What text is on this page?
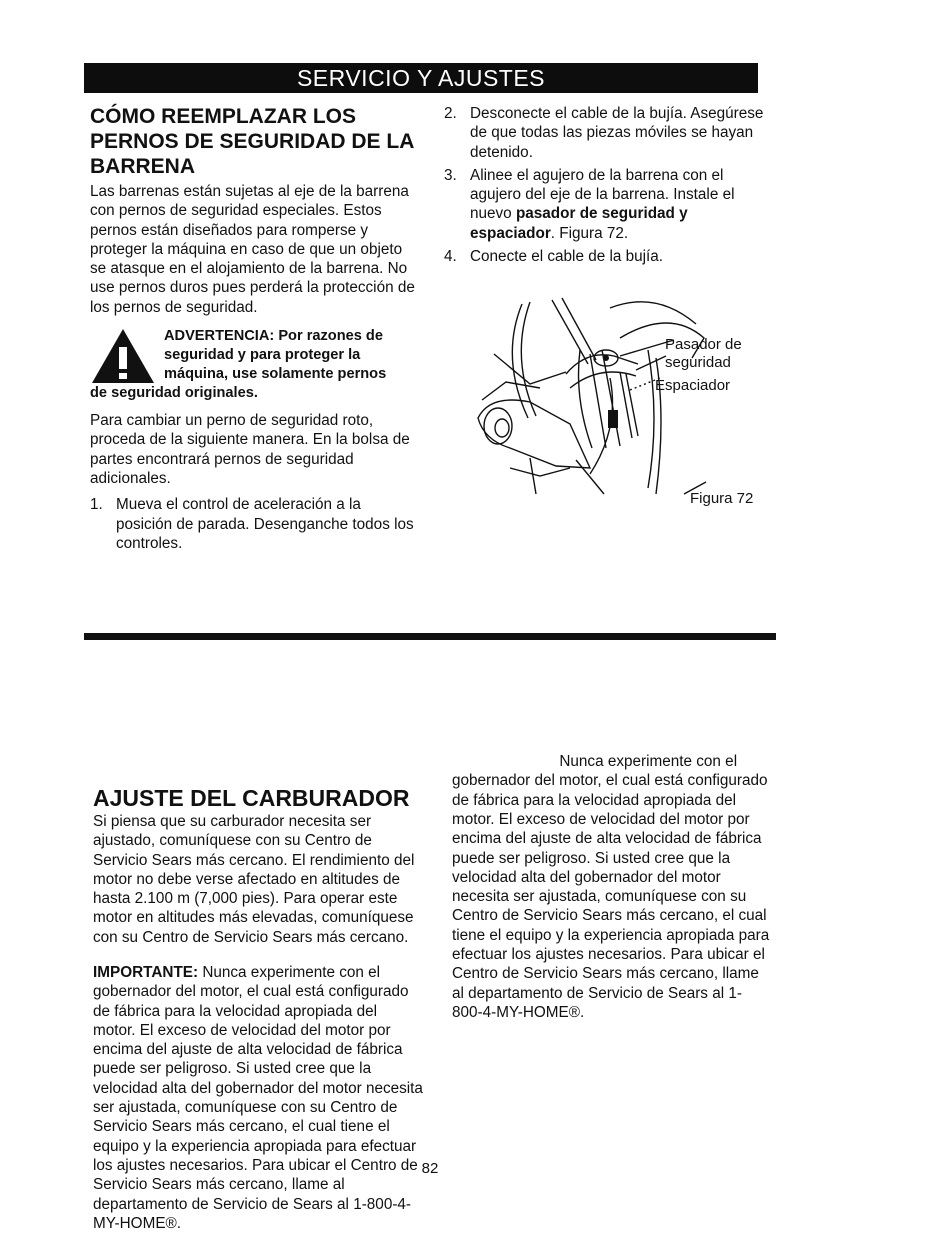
SERVICIO Y AJUSTES
CÓMO REEMPLAZAR LOS PERNOS DE SEGURIDAD DE LA BARRENA

Las barrenas están sujetas al eje de la barrena con pernos de seguridad especiales. Estos pernos están diseñados para romperse y proteger la máquina en caso de que un objeto se atasque en el alojamiento de la barrena. No use pernos duros pues perderá la protección de los pernos de seguridad.

ADVERTENCIA: Por razones de seguridad y para proteger la máquina, use solamente pernos
de seguridad originales.

Para cambiar un perno de seguridad roto, proceda de la siguiente manera. En la bolsa de partes encontrará pernos de seguridad adicionales.

1. Mueva el control de aceleración a la posición de parada. Desenganche todos los controles.
2. Desconecte el cable de la bujía. Asegúrese de que todas las piezas móviles se hayan detenido.
3. Alinee el agujero de la barrena con el agujero del eje de la barrena. Instale el nuevo pasador de seguridad y espaciador. Figura 72.
4. Conecte el cable de la bujía.
Pasador de seguridad
Espaciador
Figura 72
AJUSTE DEL CARBURADOR

Si piensa que su carburador necesita ser ajustado, comuníquese con su Centro de Servicio Sears más cercano. El rendimiento del motor no debe verse afectado en altitudes de hasta 2.100 m (7,000 pies). Para operar este motor en altitudes más elevadas, comuníquese con su Centro de Servicio Sears más cercano.

IMPORTANTE: Nunca experimente con el gobernador del motor, el cual está configurado de fábrica para la velocidad apropiada del motor. El exceso de velocidad del motor por encima del ajuste de alta velocidad de fábrica puede ser peligroso. Si usted cree que la velocidad alta del gobernador del motor necesita ser ajustada, comuníquese con su Centro de Servicio Sears más cercano, el cual tiene el equipo y la experiencia apropiada para efectuar los ajustes necesarios. Para ubicar el Centro de Servicio Sears más cercano, llame al departamento de Servicio de Sears al 1-800-4-MY-HOME®.
Nunca experimente con el gobernador del motor, el cual está configurado de fábrica para la velocidad apropiada del motor. El exceso de velocidad del motor por encima del ajuste de alta velocidad de fábrica puede ser peligroso. Si usted cree que la velocidad alta del gobernador del motor necesita ser ajustada, comuníquese con su Centro de Servicio Sears más cercano, el cual tiene el equipo y la experiencia apropiada para efectuar los ajustes necesarios. Para ubicar el Centro de Servicio Sears más cercano, llame al departamento de Servicio de Sears al 1-800-4-MY-HOME®.
82
